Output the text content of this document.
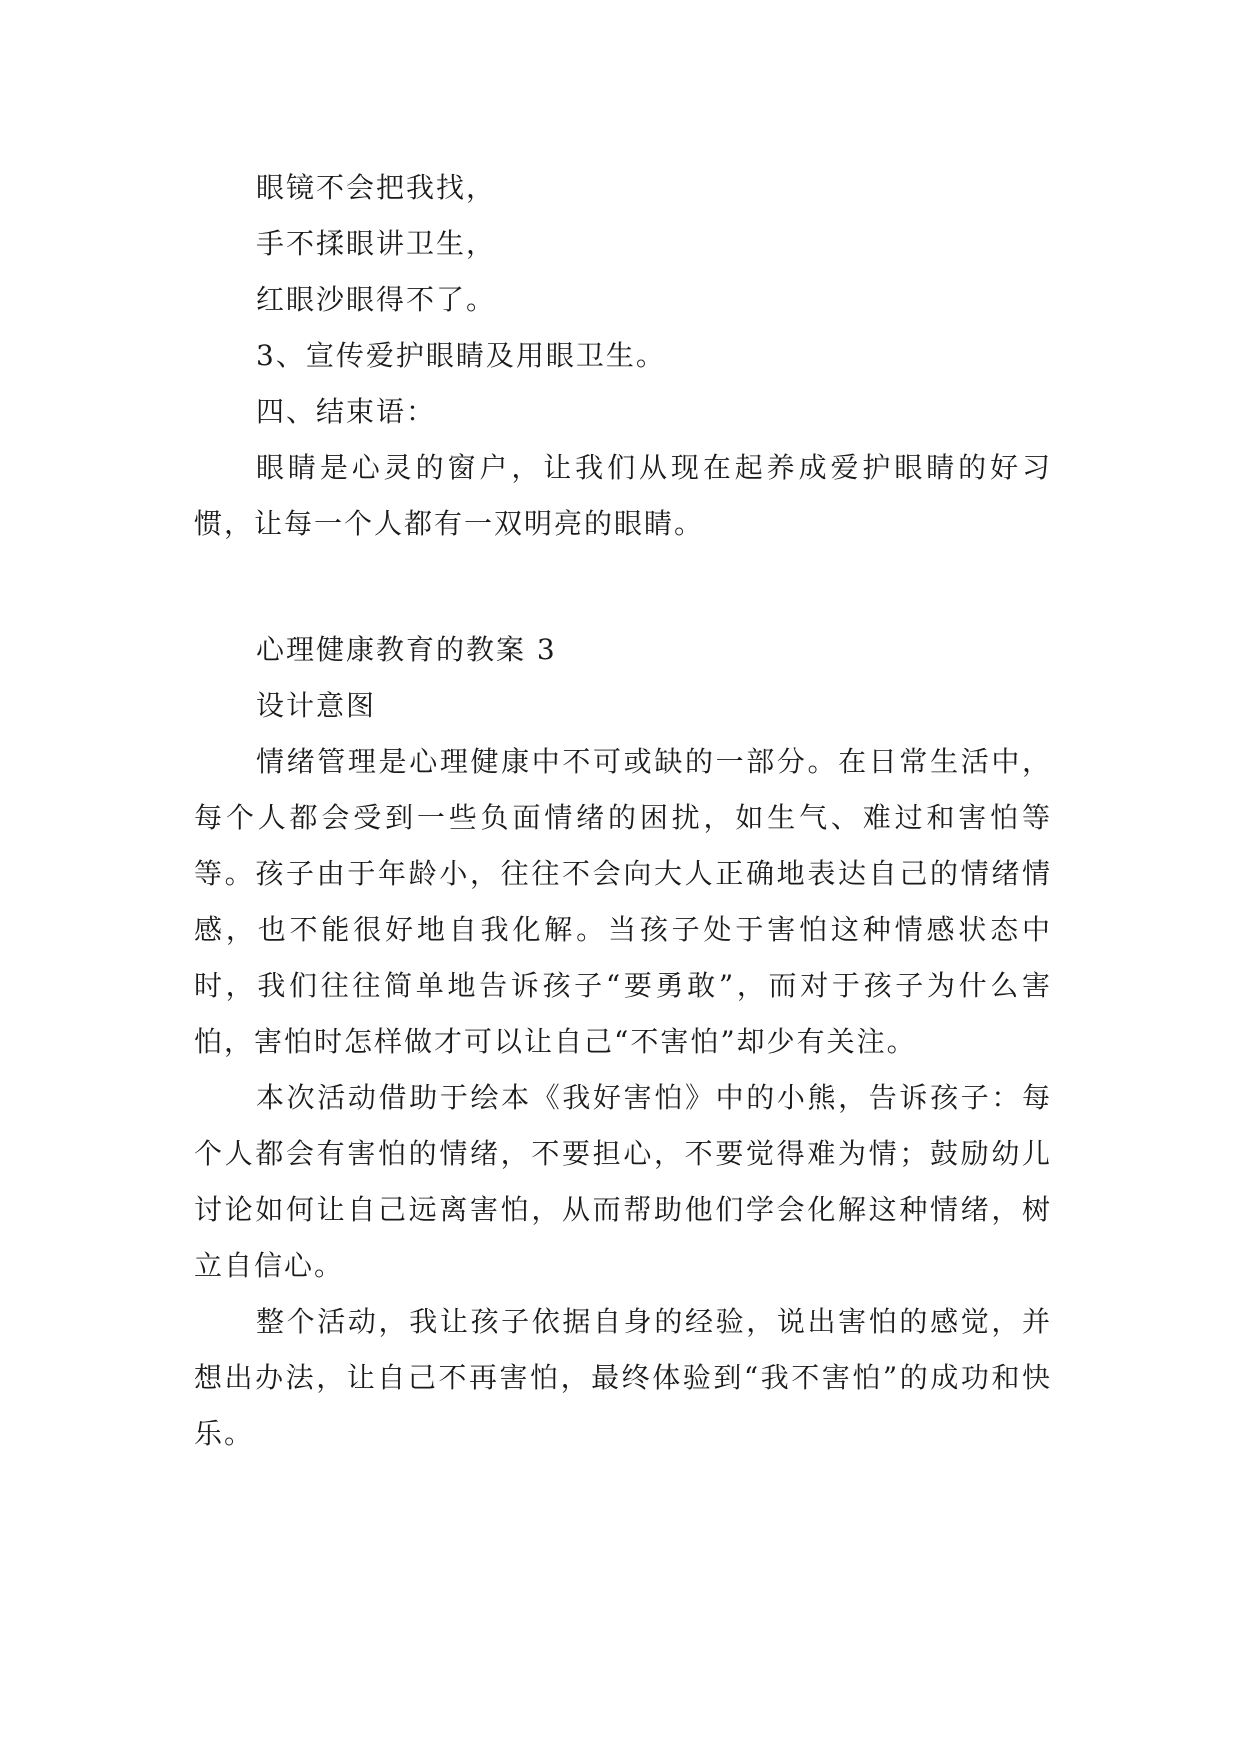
眼镜不会把我找，

手不揉眼讲卫生，

红眼沙眼得不了。

3、宣传爱护眼睛及用眼卫生。

四、结束语：

眼睛是心灵的窗户，让我们从现在起养成爱护眼睛的好习惯，让每一个人都有一双明亮的眼睛。

心理健康教育的教案 3

设计意图

情绪管理是心理健康中不可或缺的一部分。在日常生活中，每个人都会受到一些负面情绪的困扰，如生气、难过和害怕等等。孩子由于年龄小，往往不会向大人正确地表达自己的情绪情感，也不能很好地自我化解。当孩子处于害怕这种情感状态中时，我们往往简单地告诉孩子“要勇敢”，而对于孩子为什么害怕，害怕时怎样做才可以让自己“不害怕”却少有关注。

本次活动借助于绘本《我好害怕》中的小熊，告诉孩子：每个人都会有害怕的情绪，不要担心，不要觉得难为情；鼓励幼儿讨论如何让自己远离害怕，从而帮助他们学会化解这种情绪，树立自信心。

整个活动，我让孩子依据自身的经验，说出害怕的感觉，并想出办法，让自己不再害怕，最终体验到“我不害怕”的成功和快乐。
